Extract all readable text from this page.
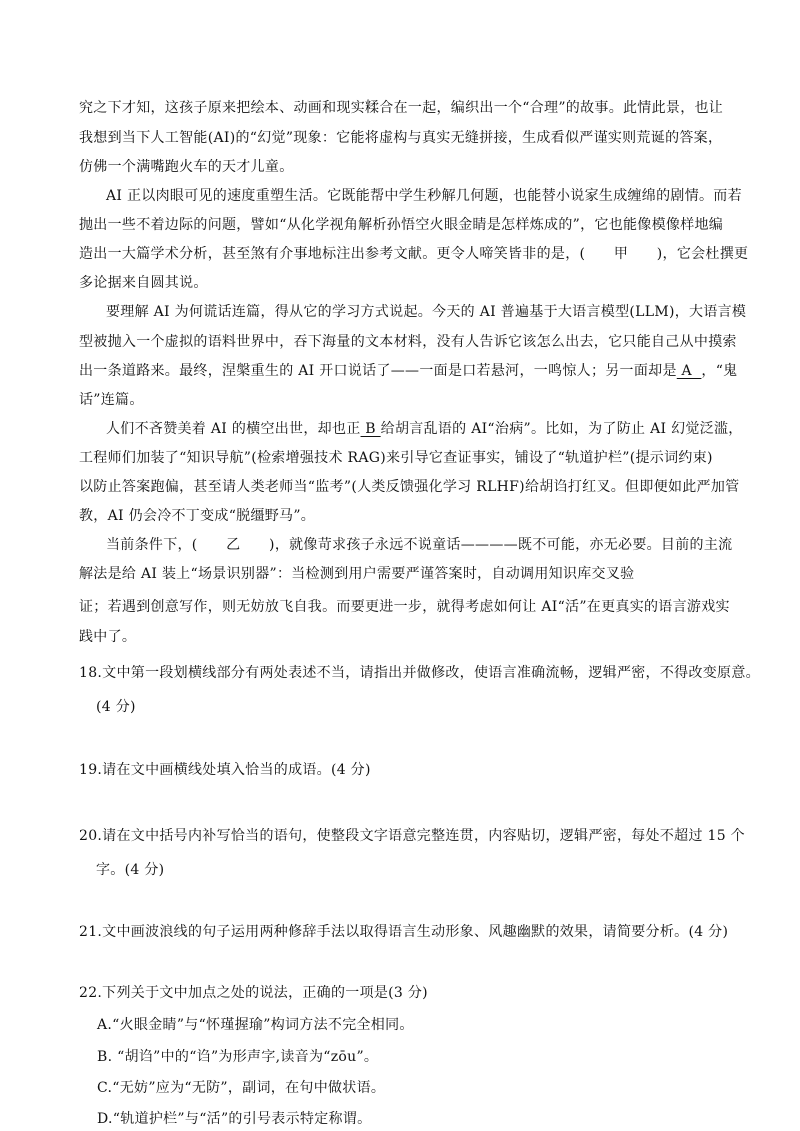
究之下才知，这孩子原来把绘本、动画和现实糅合在一起，编织出一个“合理”的故事。此情此景，也让
我想到当下人工智能(AI)的“幻觉”现象：它能将虚构与真实无缝拼接，生成看似严谨实则荒诞的答案，
仿佛一个满嘴跑火车的天才儿童。
AI 正以肉眼可见的速度重塑生活。它既能帮中学生秒解几何题，也能替小说家生成缠绵的剧情。而若
抛出一些不着边际的问题，譬如“从化学视角解析孙悟空火眼金睛是怎样炼成的”，它也能像模像样地编
造出一大篇学术分析，甚至煞有介事地标注出参考文献。更令人啼笑皆非的是，(　　甲　　)，它会杜撰更
多论据来自圆其说。
要理解 AI 为何谎话连篇，得从它的学习方式说起。今天的 AI 普遍基于大语言模型(LLM)，大语言模
型被抛入一个虚拟的语料世界中，吞下海量的文本材料，没有人告诉它该怎么出去，它只能自己从中摸索
出一条道路来。最终，涅槃重生的 AI 开口说话了——一面是口若悬河，一鸣惊人；另一面却是 A  ，“鬼
话”连篇。
人们不吝赞美着 AI 的横空出世，却也正 B 给胡言乱语的 AI“治病”。比如，为了防止 AI 幻觉泛滥，
工程师们加装了“知识导航”(检索增强技术 RAG)来引导它查证事实，铺设了“轨道护栏”(提示词约束)
以防止答案跑偏，甚至请人类老师当“监考”(人类反馈强化学习 RLHF)给胡诌打红叉。但即便如此严加管
教，AI 仍会冷不丁变成“脱缰野马”。
当前条件下，(　　乙　　)，就像苛求孩子永远不说童话————既不可能，亦无必要。目前的主流
解法是给 AI 装上“场景识别器”：当检测到用户需要严谨答案时，自动调用知识库交叉验
证；若遇到创意写作，则无妨放飞自我。而要更进一步，就得考虑如何让 AI“活”在更真实的语言游戏实
践中了。
18.文中第一段划横线部分有两处表述不当，请指出并做修改，使语言准确流畅，逻辑严密，不得改变原意。
(4 分)
19.请在文中画横线处填入恰当的成语。(4 分)
20.请在文中括号内补写恰当的语句，使整段文字语意完整连贯，内容贴切，逻辑严密，每处不超过 15 个
字。(4 分)
21.文中画波浪线的句子运用两种修辞手法以取得语言生动形象、风趣幽默的效果，请简要分析。(4 分)
22.下列关于文中加点之处的说法，正确的一项是(3 分)
A.“火眼金睛”与“怀瑾握瑜”构词方法不完全相同。
B. “胡诌”中的“诌”为形声字,读音为“zōu”。
C.“无妨”应为“无防”，副词，在句中做状语。
D.“轨道护栏”与“活”的引号表示特定称谓。
